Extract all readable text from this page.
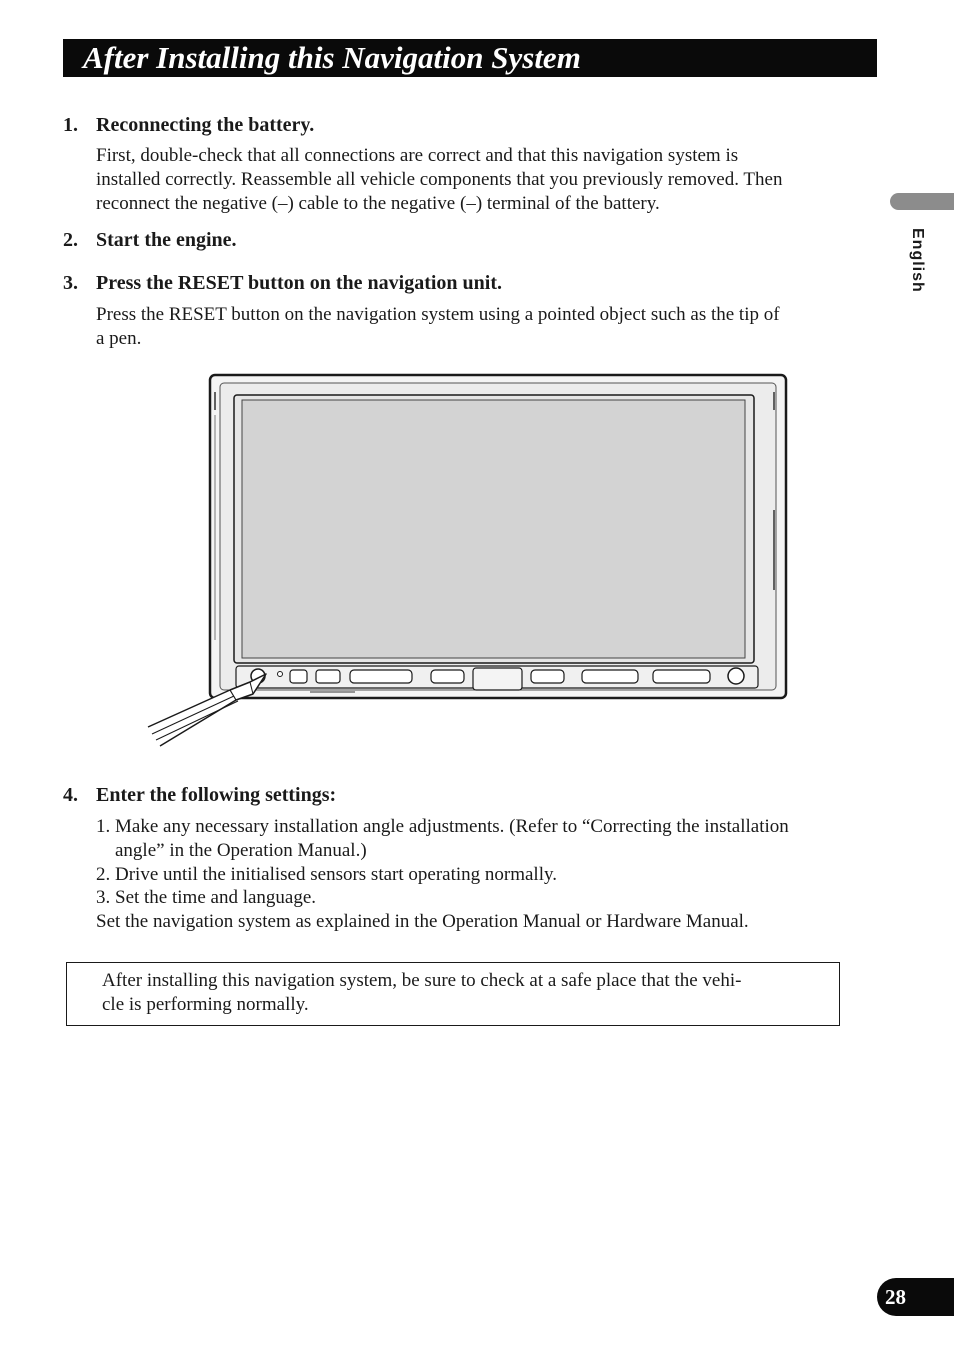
After Installing this Navigation System
English
1. Reconnecting the battery.
First, double-check that all connections are correct and that this navigation system is
installed correctly. Reassemble all vehicle components that you previously removed. Then
reconnect the negative (–) cable to the negative (–) terminal of the battery.
2. Start the engine.
3. Press the RESET button on the navigation unit.
Press the RESET button on the navigation system using a pointed object such as the tip of
a pen.
4. Enter the following settings:
1. Make any necessary installation angle adjustments. (Refer to “Correcting the installation
angle” in the Operation Manual.)
2. Drive until the initialised sensors start operating normally.
3. Set the time and language.
Set the navigation system as explained in the Operation Manual or Hardware Manual.
After installing this navigation system, be sure to check at a safe place that the vehi-
cle is performing normally.
28
